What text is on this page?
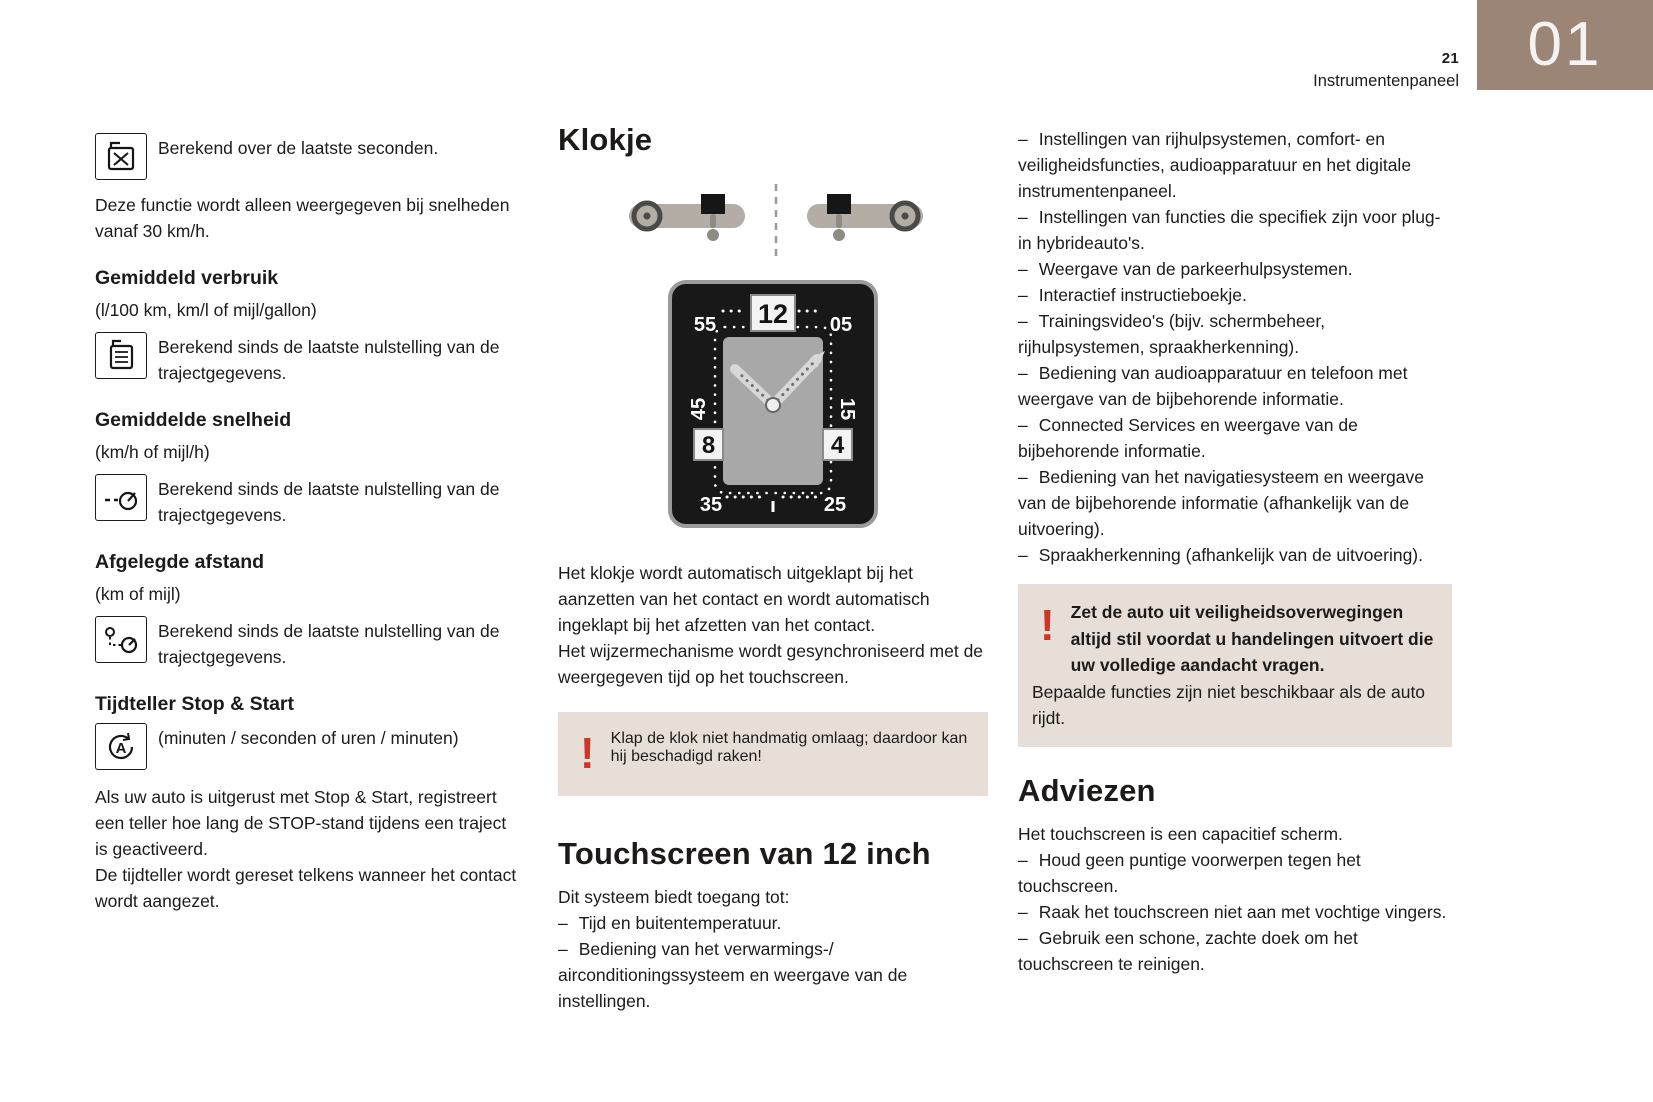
21
Instrumentenpaneel
01

Berekend over de laatste seconden.

Deze functie wordt alleen weergegeven bij snelheden vanaf 30 km/h.

Gemiddeld verbruik

(l/100 km, km/l of mijl/gallon)

Berekend sinds de laatste nulstelling van de trajectgegevens.

Gemiddelde snelheid

(km/h of mijl/h)

Berekend sinds de laatste nulstelling van de trajectgegevens.

Afgelegde afstand

(km of mijl)

Berekend sinds de laatste nulstelling van de trajectgegevens.

Tijdteller Stop & Start
A (minuten / seconden of uren / minuten)

Als uw auto is uitgerust met Stop & Start, registreert een teller hoe lang de STOP-stand tijdens een traject is geactiveerd.

De tijdteller wordt gereset telkens wanneer het contact wordt aangezet.

Klokje
55	05
35	25
45	15
12
8	4

Het klokje wordt automatisch uitgeklapt bij het aanzetten van het contact en wordt automatisch ingeklapt bij het afzetten van het contact.

Het wijzermechanisme wordt gesynchroniseerd met de weergegeven tijd op het touchscreen.

! Klap de klok niet handmatig omlaag; daardoor kan hij beschadigd raken!
Touchscreen van 12 inch

Dit systeem biedt toegang tot:

– Tijd en buitentemperatuur.

– Bediening van het verwarmings-/ airconditioningssysteem en weergave van de instellingen.

– Instellingen van rijhulpsystemen, comfort- en veiligheidsfuncties, audioapparatuur en het digitale instrumentenpaneel.

– Instellingen van functies die specifiek zijn voor plug-in hybrideauto's.

– Weergave van de parkeerhulpsystemen.

– Interactief instructieboekje.

– Trainingsvideo's (bijv. schermbeheer, rijhulpsystemen, spraakherkenning).

– Bediening van audioapparatuur en telefoon met weergave van de bijbehorende informatie.

– Connected Services en weergave van de bijbehorende informatie.

– Bediening van het navigatiesysteem en weergave van de bijbehorende informatie (afhankelijk van de uitvoering).

– Spraakherkenning (afhankelijk van de uitvoering).

! Zet de auto uit veiligheidsoverwegingen altijd stil voordat u handelingen uitvoert die uw volledige aandacht vragen.
Bepaalde functies zijn niet beschikbaar als de auto rijdt.
Adviezen

Het touchscreen is een capacitief scherm.

– Houd geen puntige voorwerpen tegen het touchscreen.

– Raak het touchscreen niet aan met vochtige vingers.

– Gebruik een schone, zachte doek om het touchscreen te reinigen.
